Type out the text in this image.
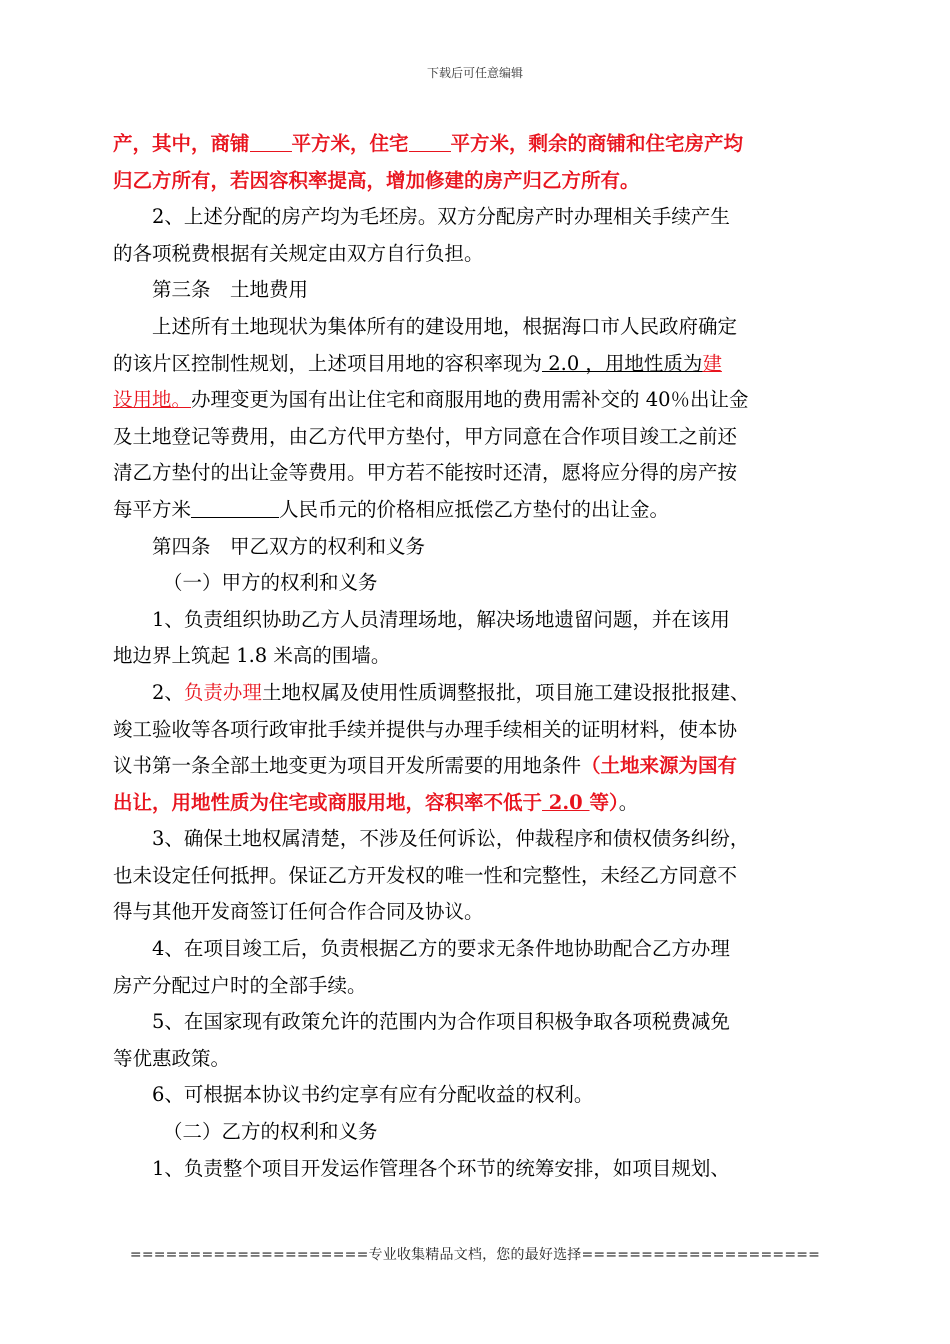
下载后可任意编辑

产，其中，商铺 平方米，住宅 平方米，剩余的商铺和住宅房产均

归乙方所有，若因容积率提高，增加修建的房产归乙方所有。

2、上述分配的房产均为毛坯房。双方分配房产时办理相关手续产生

的各项税费根据有关规定由双方自行负担。

第三条　土地费用

上述所有土地现状为集体所有的建设用地，根据海口市人民政府确定

的该片区控制性规划，上述项目用地的容积率现为 2.0 ，用地性质为建

设用地。办理变更为国有出让住宅和商服用地的费用需补交的 40％出让金

及土地登记等费用，由乙方代甲方垫付，甲方同意在合作项目竣工之前还

清乙方垫付的出让金等费用。甲方若不能按时还清，愿将应分得的房产按

每平方米	人民币元的价格相应抵偿乙方垫付的出让金。

第四条　甲乙双方的权利和义务

（一）甲方的权利和义务

1、负责组织协助乙方人员清理场地，解决场地遗留问题，并在该用

地边界上筑起 1.8 米高的围墙。

2、负责办理土地权属及使用性质调整报批，项目施工建设报批报建、

竣工验收等各项行政审批手续并提供与办理手续相关的证明材料，使本协

议书第一条全部土地变更为项目开发所需要的用地条件（土地来源为国有

出让，用地性质为住宅或商服用地，容积率不低于 2.0 等）。

3、确保土地权属清楚，不涉及任何诉讼，仲裁程序和债权债务纠纷，

也未设定任何抵押。保证乙方开发权的唯一性和完整性，未经乙方同意不

得与其他开发商签订任何合作合同及协议。

4、在项目竣工后，负责根据乙方的要求无条件地协助配合乙方办理

房产分配过户时的全部手续。

5、在国家现有政策允许的范围内为合作项目积极争取各项税费减免

等优惠政策。

6、可根据本协议书约定享有应有分配收益的权利。

（二）乙方的权利和义务

1、负责整个项目开发运作管理各个环节的统筹安排，如项目规划、

====================专业收集精品文档，您的最好选择====================
